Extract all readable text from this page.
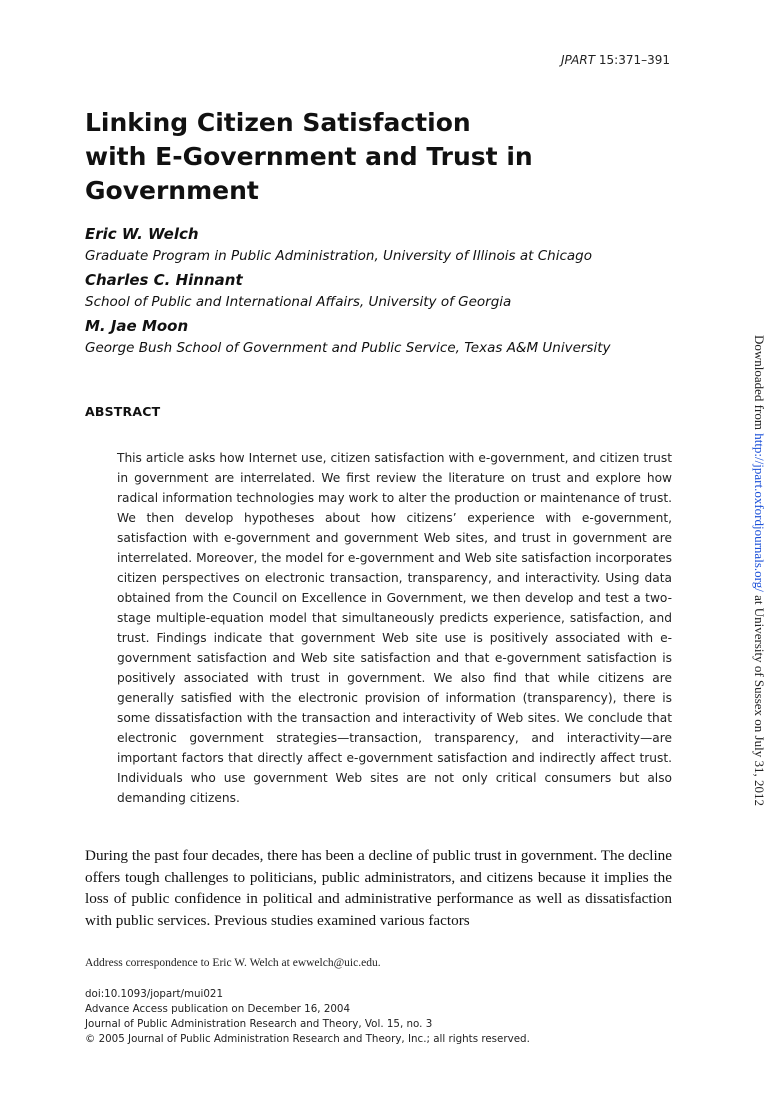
JPART 15:371–391
Linking Citizen Satisfaction
with E-Government and Trust in
Government
Eric W. Welch
Graduate Program in Public Administration, University of Illinois at Chicago
Charles C. Hinnant
School of Public and International Affairs, University of Georgia
M. Jae Moon
George Bush School of Government and Public Service, Texas A&M University
ABSTRACT

This article asks how Internet use, citizen satisfaction with e-government, and citizen trust in government are interrelated. We first review the literature on trust and explore how radical information technologies may work to alter the production or maintenance of trust. We then develop hypotheses about how citizens’ experience with e-government, satisfaction with e-government and government Web sites, and trust in government are interrelated. Moreover, the model for e-government and Web site satisfaction incorporates citizen perspectives on electronic transaction, transparency, and interactivity. Using data obtained from the Council on Excellence in Government, we then develop and test a two-stage multiple-equation model that simultaneously predicts experience, satisfaction, and trust. Findings indicate that government Web site use is positively associated with e-government satisfaction and Web site satisfaction and that e-government satisfaction is positively associated with trust in government. We also find that while citizens are generally satisfied with the electronic provision of information (transparency), there is some dissatisfaction with the transaction and interactivity of Web sites. We conclude that electronic government strategies—transaction, transparency, and interactivity—are important factors that directly affect e-government satisfaction and indirectly affect trust. Individuals who use government Web sites are not only critical consumers but also demanding citizens.

During the past four decades, there has been a decline of public trust in government. The decline offers tough challenges to politicians, public administrators, and citizens because it implies the loss of public confidence in political and administrative performance as well as dissatisfaction with public services. Previous studies examined various factors

Address correspondence to Eric W. Welch at ewwelch@uic.edu.
doi:10.1093/jopart/mui021
Advance Access publication on December 16, 2004
Journal of Public Administration Research and Theory, Vol. 15, no. 3
© 2005 Journal of Public Administration Research and Theory, Inc.; all rights reserved.
Downloaded from http://jpart.oxfordjournals.org/ at University of Sussex on July 31, 2012
